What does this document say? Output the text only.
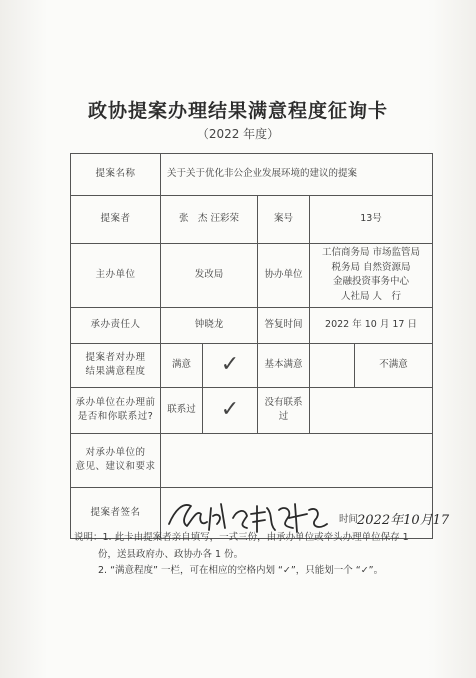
政协提案办理结果满意程度征询卡
（2022 年度）
提案名称	关于关于优化非公企业发展环境的建议的提案				
提案者	张　杰 汪彩荣		案号	13号	
主办单位	发改局		协办单位	工信商务局 市场监管局
税务局 自然资源局
金融投资事务中心
人社局 人　行	

承办责任人	钟晓龙		答复时间	2022 年 10 月 17 日	

提案者对办理
结果满意程度	满意	✓	基本满意		不满意

承办单位在办理前
是否和你联系过?	联系过	✓	没有联系过		

对承办单位的
意见、建议和要求					

提案者签名	时间
2022年10月17				
说明：1. 此卡由提案者亲自填写，一式三份，由承办单位或牵头办理单位保存 1
份，送县政府办、政协办各 1 份。
2. “满意程度” 一栏，可在相应的空格内划 “✓”，只能划一个 “✓”。
